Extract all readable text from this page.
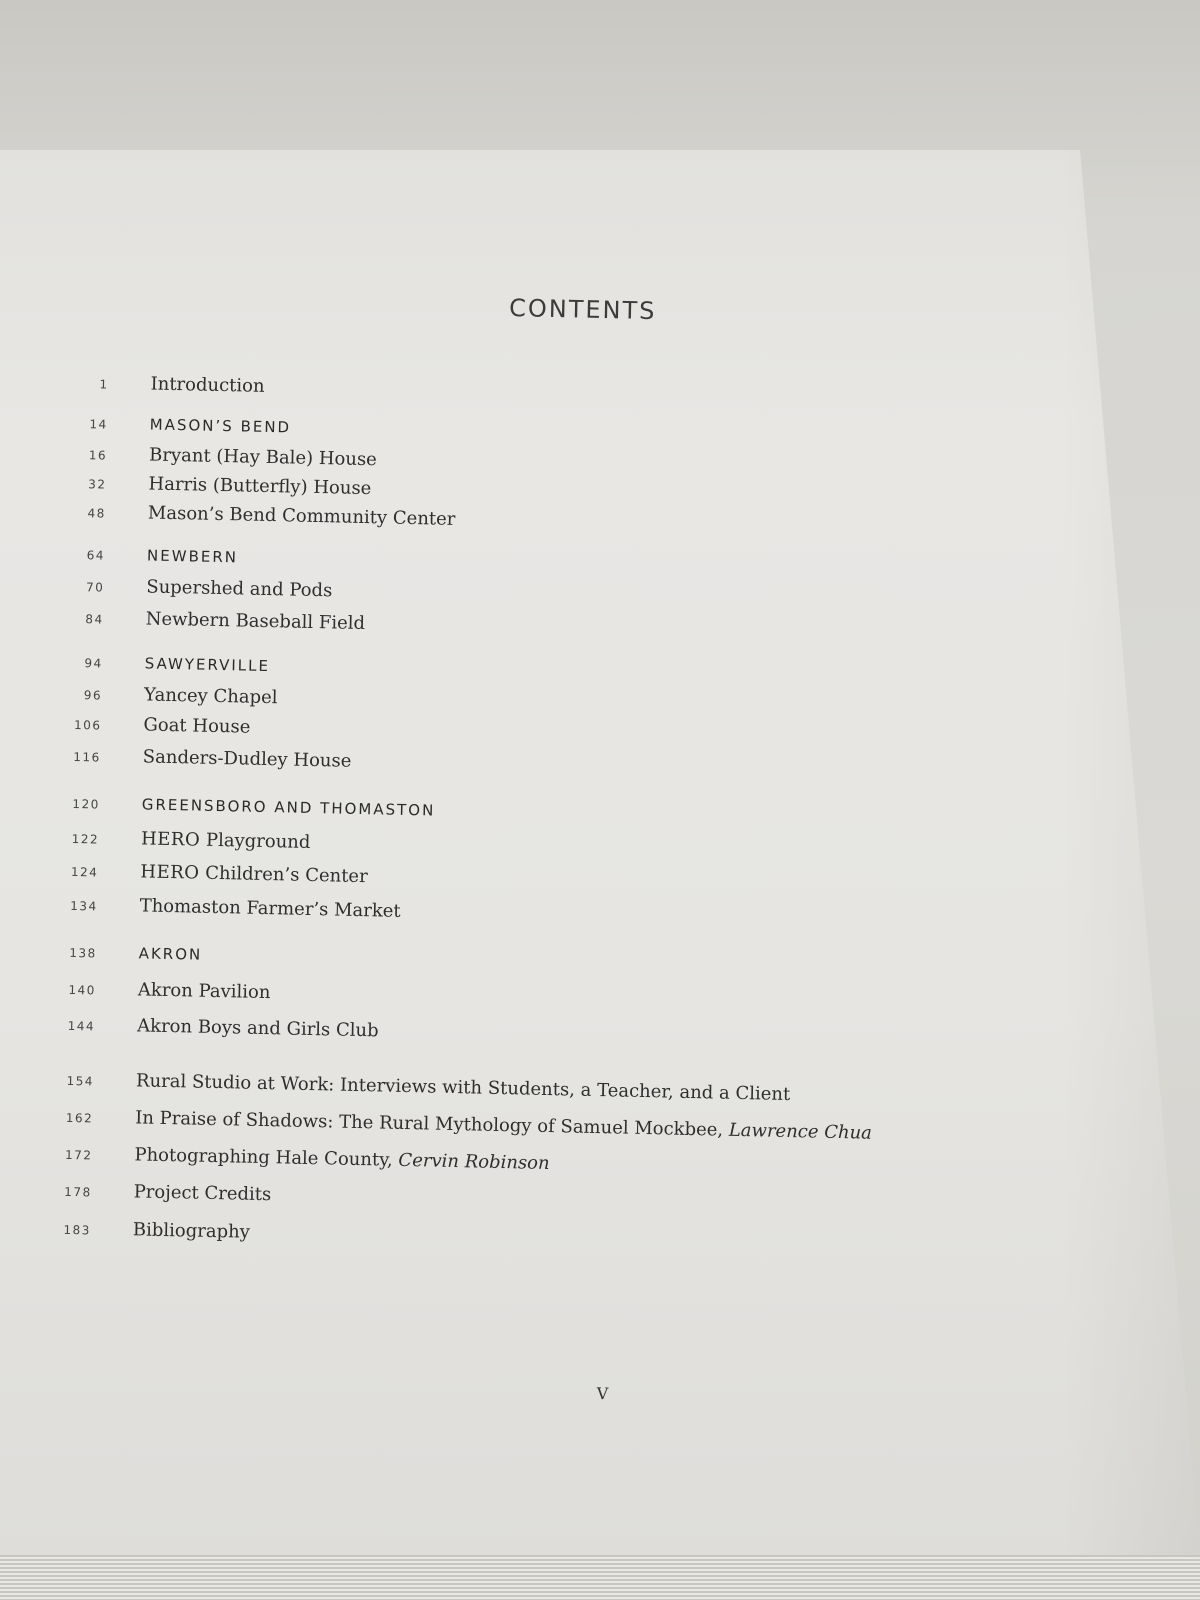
CONTENTS
1 Introduction
14	MASON’S BEND
16 Bryant (Hay Bale) House
32 Harris (Butterfly) House
48 Mason’s Bend Community Center
64	NEWBERN
70 Supershed and Pods
84 Newbern Baseball Field
94	SAWYERVILLE
96 Yancey Chapel
106 Goat House
116 Sanders-Dudley House
120	GREENSBORO AND THOMASTON
122 HERO Playground
124 HERO Children’s Center
134 Thomaston Farmer’s Market
138	AKRON
140 Akron Pavilion
144 Akron Boys and Girls Club
154 Rural Studio at Work: Interviews with Students, a Teacher, and a Client
162 In Praise of Shadows: The Rural Mythology of Samuel Mockbee, Lawrence Chua
172 Photographing Hale County, Cervin Robinson
178 Project Credits
183 Bibliography
V
